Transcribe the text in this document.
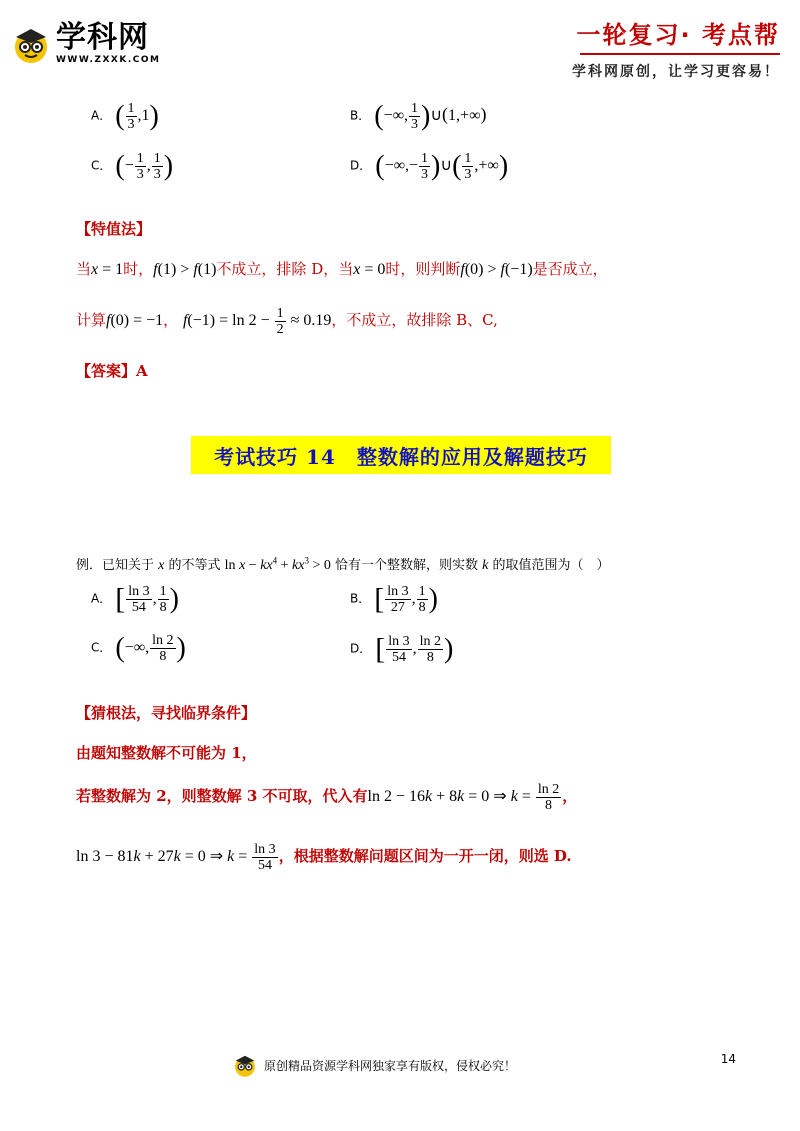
学科网
WWW.ZXXK.COM
一轮复习· 考点帮
学科网原创，让学习更容易！
A． ( $\frac{1}{3} ,1$)	B． (−∞, $\frac{1}{3}$ )∪(1,+∞)
C． (− $\frac{1}{3}$ , $\frac{1}{3}$ )	D． (−∞,− $\frac{1}{3}$ )∪( $\frac{1}{3}$ ,+∞)
【特值法】
当x = 1时，f(1) > f(1)不成立，排除 D，当x = 0时，则判断f(0) > f(−1)是否成立，
计算f(0) = −1， $f(-1) = \ln 2 - \frac{1}{2} \approx 0.19$，不成立，故排除 B、C,
【答案】A
考试技巧 14　整数解的应用及解题技巧
例．已知关于 x 的不等式 $\ln x - kx^4 + kx^3 > 0$ 恰有一个整数解，则实数 k 的取值范围为（　）
A． [ $\frac{\ln 3}{54}$ , $\frac{1}{8}$ )	B． [ $\frac{\ln 3}{27}$ , $\frac{1}{8}$ )
C． (−∞, $\frac{\ln 2}{8}$ )	D． [ $\frac{\ln 3}{54}$ , $\frac{\ln 2}{8}$ )
【猜根法，寻找临界条件】
由题知整数解不可能为 1，
若整数解为 2，则整数解 3 不可取，代入有ln 2 − 16k + 8k = 0 ⇒ $k = \frac{\ln 2}{8}$ ，
ln 3 − 81k + 27k = 0 ⇒ $k = \frac{\ln 3}{54}$ ，根据整数解问题区间为一开一闭，则选 D.
原创精品资源学科网独家享有版权，侵权必究！	14
